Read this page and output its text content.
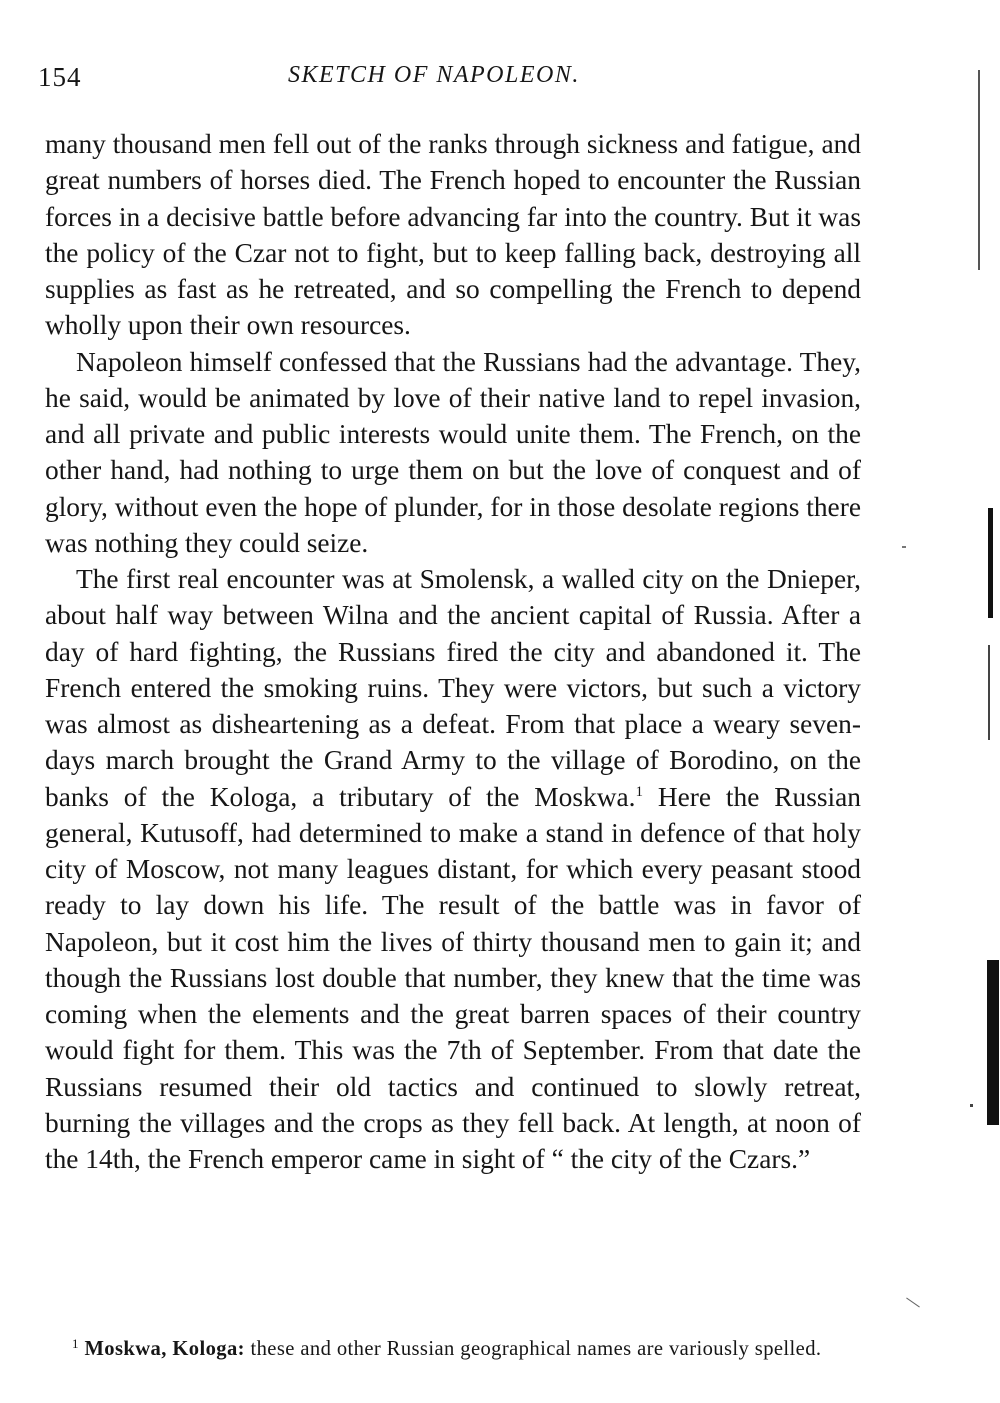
154	SKETCH OF NAPOLEON.

many thousand men fell out of the ranks through sickness and fatigue, and great numbers of horses died. The French hoped to encounter the Russian forces in a decisive battle before advancing far into the country. But it was the policy of the Czar not to fight, but to keep falling back, destroying all supplies as fast as he retreated, and so compelling the French to depend wholly upon their own resources.

Napoleon himself confessed that the Russians had the advantage. They, he said, would be animated by love of their native land to repel invasion, and all private and public interests would unite them. The French, on the other hand, had nothing to urge them on but the love of conquest and of glory, without even the hope of plunder, for in those desolate regions there was nothing they could seize.

The first real encounter was at Smolensk, a walled city on the Dnieper, about half way between Wilna and the ancient capital of Russia. After a day of hard fighting, the Russians fired the city and abandoned it. The French entered the smoking ruins. They were victors, but such a victory was almost as disheartening as a defeat. From that place a weary seven-days march brought the Grand Army to the village of Borodino, on the banks of the Kologa, a tributary of the Moskwa.$^1$ Here the Russian general, Kutusoff, had determined to make a stand in defence of that holy city of Moscow, not many leagues distant, for which every peasant stood ready to lay down his life. The result of the battle was in favor of Napoleon, but it cost him the lives of thirty thousand men to gain it; and though the Russians lost double that number, they knew that the time was coming when the elements and the great barren spaces of their country would fight for them. This was the 7th of September. From that date the Russians resumed their old tactics and continued to slowly retreat, burning the villages and the crops as they fell back. At length, at noon of the 14th, the French emperor came in sight of “ the city of the Czars.”

$^1$ Moskwa, Kologa: these and other Russian geographical names are variously spelled.
